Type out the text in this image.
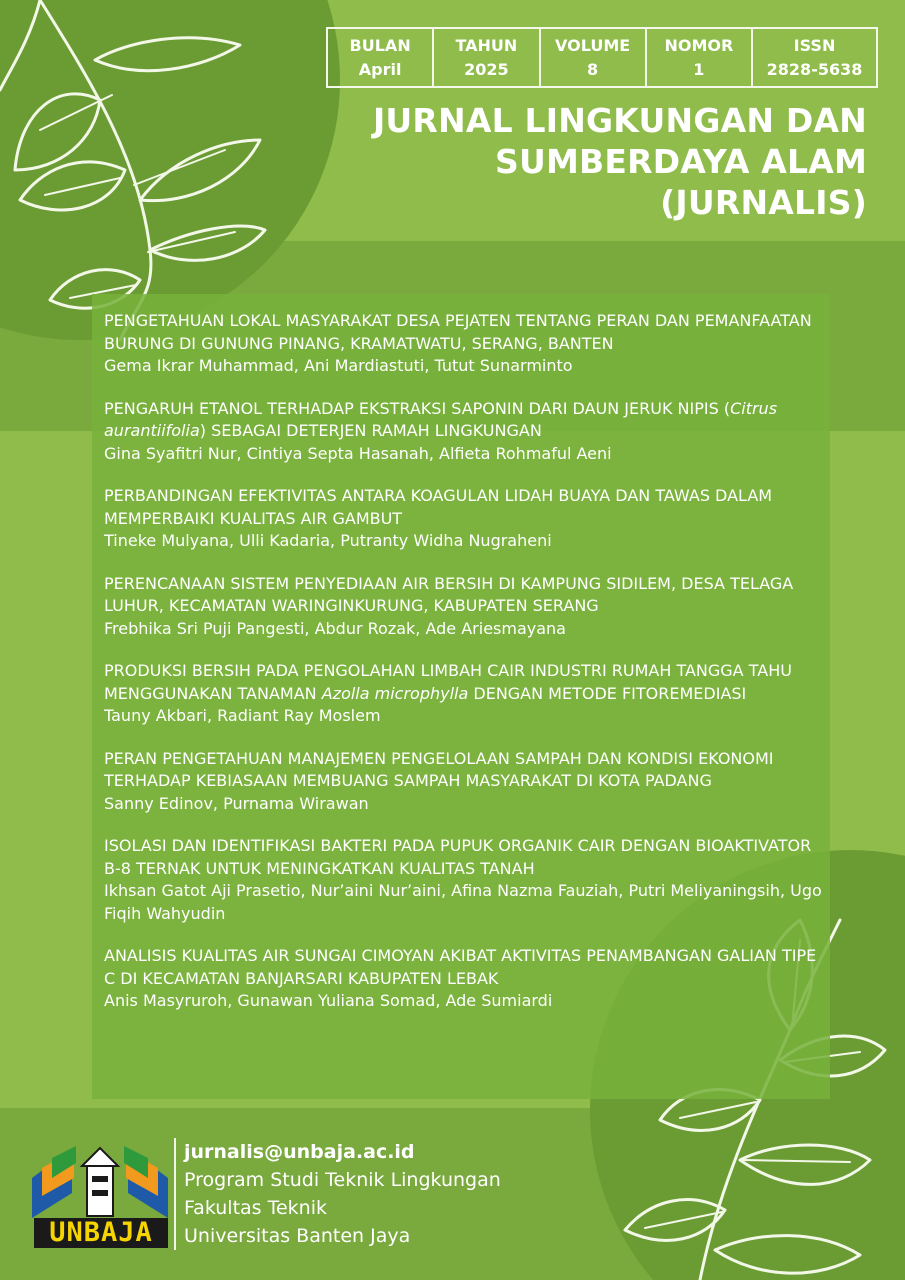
BULAN
April
TAHUN
2025
VOLUME
8
NOMOR
1
ISSN
2828-5638
JURNAL LINGKUNGAN DAN
SUMBERDAYA ALAM
(JURNALIS)
PENGETAHUAN LOKAL MASYARAKAT DESA PEJATEN TENTANG PERAN DAN PEMANFAATAN BURUNG DI GUNUNG PINANG, KRAMATWATU, SERANG, BANTEN
Gema Ikrar Muhammad, Ani Mardiastuti, Tutut Sunarminto
PENGARUH ETANOL TERHADAP EKSTRAKSI SAPONIN DARI DAUN JERUK NIPIS (Citrus aurantiifolia) SEBAGAI DETERJEN RAMAH LINGKUNGAN
Gina Syafitri Nur, Cintiya Septa Hasanah, Alfieta Rohmaful Aeni
PERBANDINGAN EFEKTIVITAS ANTARA KOAGULAN LIDAH BUAYA DAN TAWAS DALAM MEMPERBAIKI KUALITAS AIR GAMBUT
Tineke Mulyana, Ulli Kadaria, Putranty Widha Nugraheni
PERENCANAAN SISTEM PENYEDIAAN AIR BERSIH DI KAMPUNG SIDILEM, DESA TELAGA LUHUR, KECAMATAN WARINGINKURUNG, KABUPATEN SERANG
Frebhika Sri Puji Pangesti, Abdur Rozak, Ade Ariesmayana
PRODUKSI BERSIH PADA PENGOLAHAN LIMBAH CAIR INDUSTRI RUMAH TANGGA TAHU MENGGUNAKAN TANAMAN Azolla microphylla DENGAN METODE FITOREMEDIASI
Tauny Akbari, Radiant Ray Moslem
PERAN PENGETAHUAN MANAJEMEN PENGELOLAAN SAMPAH DAN KONDISI EKONOMI TERHADAP KEBIASAAN MEMBUANG SAMPAH MASYARAKAT DI KOTA PADANG
Sanny Edinov, Purnama Wirawan
ISOLASI DAN IDENTIFIKASI BAKTERI PADA PUPUK ORGANIK CAIR DENGAN BIOAKTIVATOR B-8 TERNAK UNTUK MENINGKATKAN KUALITAS TANAH
Ikhsan Gatot Aji Prasetio, Nur’aini Nur’aini, Afina Nazma Fauziah, Putri Meliyaningsih, Ugo Fiqih Wahyudin
ANALISIS KUALITAS AIR SUNGAI CIMOYAN AKIBAT AKTIVITAS PENAMBANGAN GALIAN TIPE C DI KECAMATAN BANJARSARI KABUPATEN LEBAK
Anis Masyruroh, Gunawan Yuliana Somad, Ade Sumiardi
UNBAJA
jurnalis@unbaja.ac.id
Program Studi Teknik Lingkungan
Fakultas Teknik
Universitas Banten Jaya
